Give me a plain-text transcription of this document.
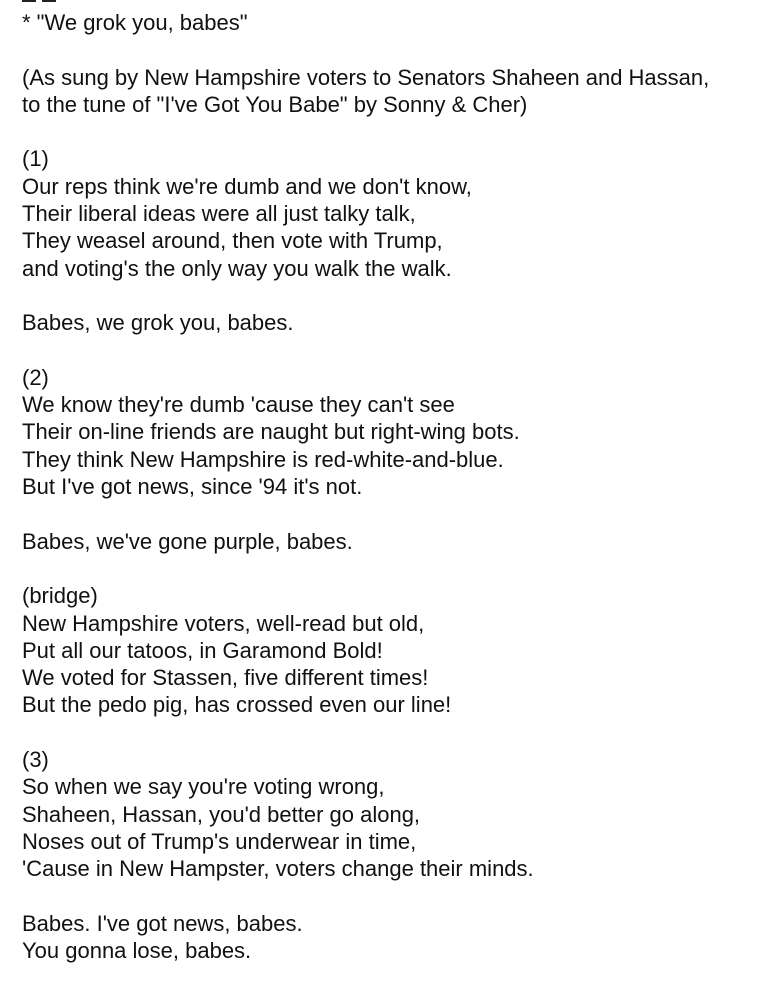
* "We grok you, babes"
(As sung by New Hampshire voters to Senators Shaheen and Hassan,
to the tune of "I've Got You Babe" by Sonny & Cher)
(1)
Our reps think we're dumb and we don't know,
Their liberal ideas were all just talky talk,
They weasel around, then vote with Trump,
and voting's the only way you walk the walk.
Babes, we grok you, babes.
(2)
We know they're dumb 'cause they can't see
Their on-line friends are naught but right-wing bots.
They think New Hampshire is red-white-and-blue.
But I've got news, since '94 it's not.
Babes, we've gone purple, babes.
(bridge)
New Hampshire voters, well-read but old,
Put all our tatoos, in Garamond Bold!
We voted for Stassen, five different times!
But the pedo pig, has crossed even our line!
(3)
So when we say you're voting wrong,
Shaheen, Hassan, you'd better go along,
Noses out of Trump's underwear in time,
'Cause in New Hampster, voters change their minds.
Babes. I've got news, babes.
You gonna lose, babes.
